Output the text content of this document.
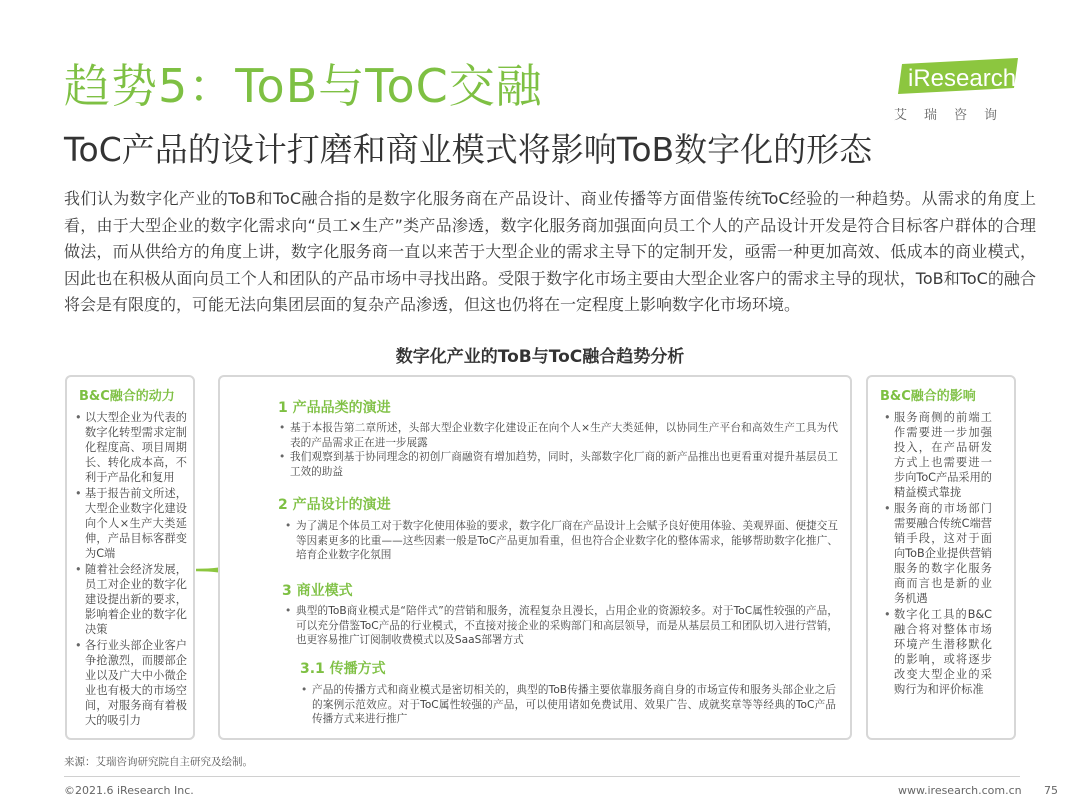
趋势5：ToB与ToC交融	iResearch
艾瑞咨询
ToC产品的设计打磨和商业模式将影响ToB数字化的形态
我们认为数字化产业的ToB和ToC融合指的是数字化服务商在产品设计、商业传播等方面借鉴传统ToC经验的一种趋势。从需求的角度上看，由于大型企业的数字化需求向“员工×生产”类产品渗透，数字化服务商加强面向员工个人的产品设计开发是符合目标客户群体的合理做法，而从供给方的角度上讲，数字化服务商一直以来苦于大型企业的需求主导下的定制开发，亟需一种更加高效、低成本的商业模式，因此也在积极从面向员工个人和团队的产品市场中寻找出路。受限于数字化市场主要由大型企业客户的需求主导的现状，ToB和ToC的融合将会是有限度的，可能无法向集团层面的复杂产品渗透，但这也仍将在一定程度上影响数字化市场环境。
数字化产业的ToB与ToC融合趋势分析
B&C融合的动力
• 以大型企业为代表的数字化转型需求定制化程度高、项目周期长、转化成本高，不利于产品化和复用
• 基于报告前文所述，大型企业数字化建设向个人×生产大类延伸，产品目标客群变为C端
• 随着社会经济发展，员工对企业的数字化建设提出新的要求，影响着企业的数字化决策
• 各行业头部企业客户争抢激烈，而腰部企业以及广大中小微企业也有极大的市场空间，对服务商有着极大的吸引力
1 产品品类的演进
• 基于本报告第二章所述，头部大型企业数字化建设正在向个人×生产大类延伸，以协同生产平台和高效生产工具为代表的产品需求正在进一步展露
• 我们观察到基于协同理念的初创厂商融资有增加趋势，同时，头部数字化厂商的新产品推出也更看重对提升基层员工工效的助益
2 产品设计的演进
• 为了满足个体员工对于数字化使用体验的要求，数字化厂商在产品设计上会赋予良好使用体验、美观界面、便捷交互等因素更多的比重——这些因素一般是ToC产品更加看重，但也符合企业数字化的整体需求，能够帮助数字化推广、培育企业数字化氛围
3 商业模式
• 典型的ToB商业模式是“陪伴式”的营销和服务，流程复杂且漫长，占用企业的资源较多。对于ToC属性较强的产品，可以充分借鉴ToC产品的行业模式，不直接对接企业的采购部门和高层领导，而是从基层员工和团队切入进行营销，也更容易推广订阅制收费模式以及SaaS部署方式
3.1 传播方式
• 产品的传播方式和商业模式是密切相关的，典型的ToB传播主要依靠服务商自身的市场宣传和服务头部企业之后的案例示范效应。对于ToC属性较强的产品，可以使用诸如免费试用、效果广告、成就奖章等等经典的ToC产品传播方式来进行推广
B&C融合的影响
• 服务商侧的前端工作需要进一步加强投入，在产品研发方式上也需要进一步向ToC产品采用的精益模式靠拢
• 服务商的市场部门需要融合传统C端营销手段，这对于面向ToB企业提供营销服务的数字化服务商而言也是新的业务机遇
• 数字化工具的B&C融合将对整体市场环境产生潜移默化的影响，或将逐步改变大型企业的采购行为和评价标准
来源：艾瑞咨询研究院自主研究及绘制。
©2021.6 iResearch Inc.	www.iresearch.com.cn 75
